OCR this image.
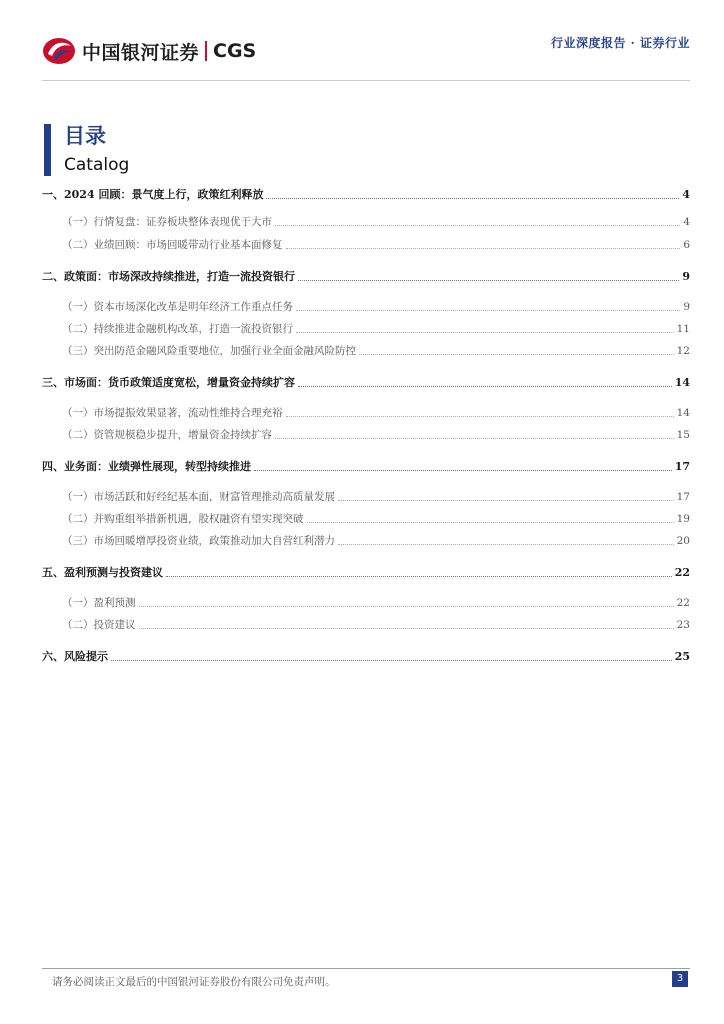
中国银河证券 CGS	行业深度报告 · 证券行业
目录
Catalog
一、2024 回顾：景气度上行，政策红利释放	4
（一）行情复盘：证券板块整体表现优于大市	4
（二）业绩回顾：市场回暖带动行业基本面修复	6
二、政策面：市场深改持续推进，打造一流投资银行	9
（一）资本市场深化改革是明年经济工作重点任务	9
（二）持续推进金融机构改革，打造一流投资银行	11
（三）突出防范金融风险重要地位，加强行业全面金融风险防控	12
三、市场面：货币政策适度宽松，增量资金持续扩容	14
（一）市场提振效果显著，流动性维持合理充裕	14
（二）资管规模稳步提升，增量资金持续扩容	15
四、业务面：业绩弹性展现，转型持续推进	17
（一）市场活跃和好经纪基本面，财富管理推动高质量发展	17
（二）并购重组举措新机遇，股权融资有望实现突破	19
（三）市场回暖增厚投资业绩，政策推动加大自营红利潜力	20
五、盈利预测与投资建议	22
（一）盈利预测	22
（二）投资建议	23
六、风险提示	25
请务必阅读正文最后的中国银河证券股份有限公司免责声明。	3
